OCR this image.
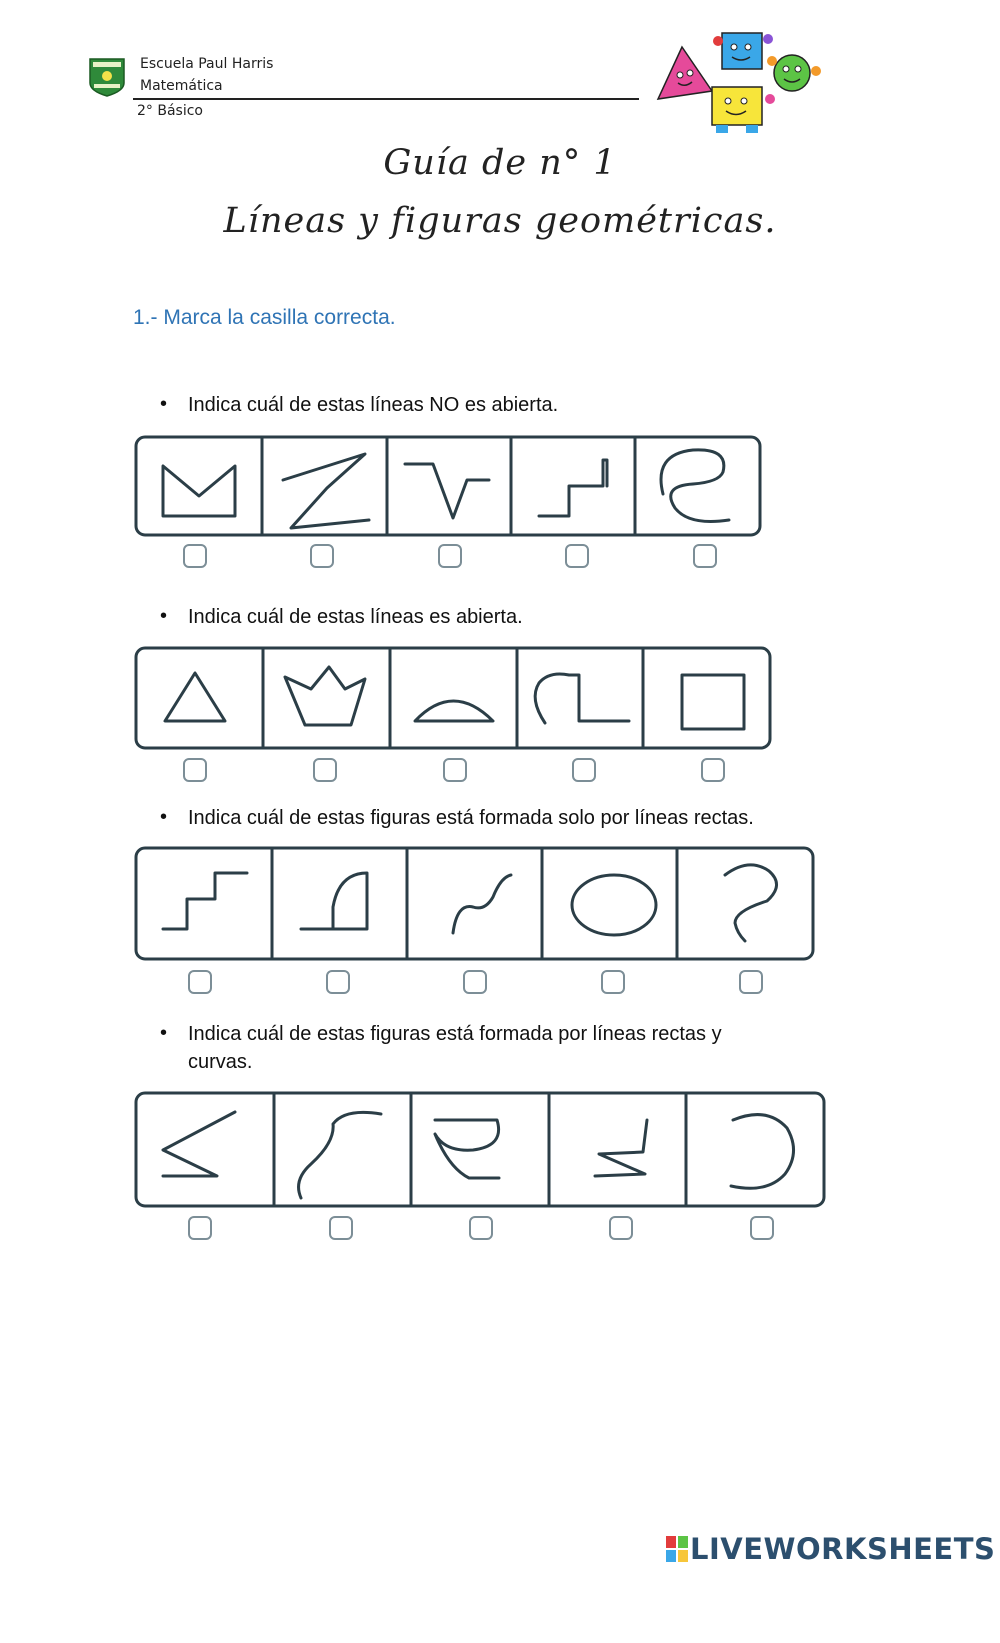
Escuela Paul Harris
Matemática
2° Básico
Guía de n° 1
Líneas y figuras geométricas.
1.- Marca la casilla correcta.
• Indica cuál de estas líneas NO es abierta.
• Indica cuál de estas líneas es abierta.
• Indica cuál de estas figuras está formada solo por líneas rectas.
• Indica cuál de estas figuras está formada por líneas rectas y curvas.
LIVEWORKSHEETS
